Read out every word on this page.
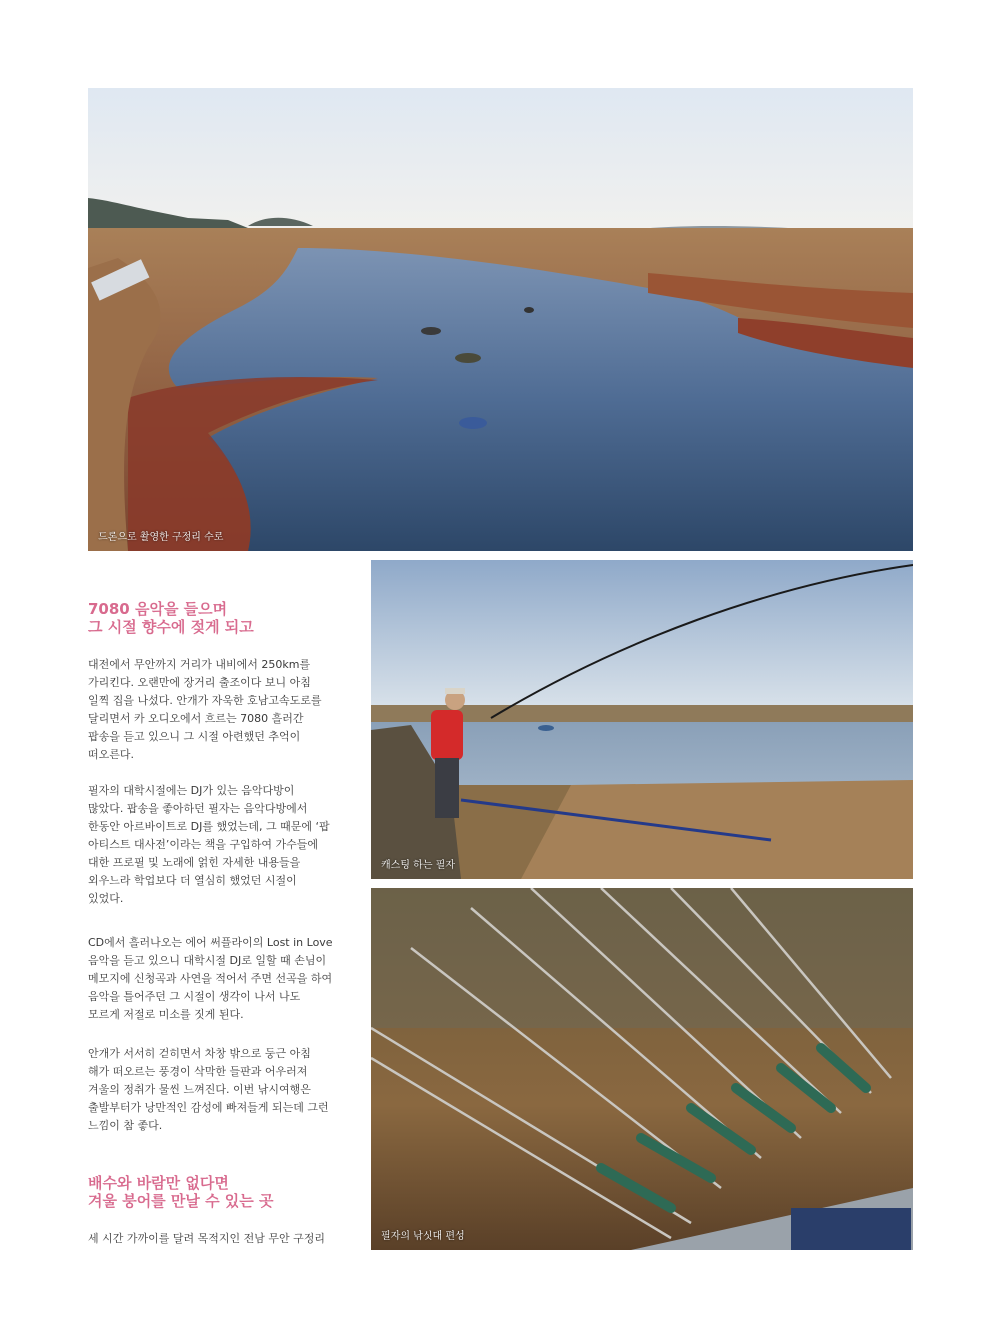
드론으로 촬영한 구정리 수로
캐스팅 하는 필자
필자의 낚싯대 편성
7080 음악을 들으며
그 시절 향수에 젖게 되고

대전에서 무안까지 거리가 내비에서 250km를
가리킨다. 오랜만에 장거리 출조이다 보니 아침
일찍 집을 나섰다. 안개가 자욱한 호남고속도로를
달리면서 카 오디오에서 흐르는 7080 흘러간
팝송을 듣고 있으니 그 시절 아련했던 추억이
떠오른다.

필자의 대학시절에는 DJ가 있는 음악다방이
많았다. 팝송을 좋아하던 필자는 음악다방에서
한동안 아르바이트로 DJ를 했었는데, 그 때문에 ‘팝
아티스트 대사전’이라는 책을 구입하여 가수들에
대한 프로필 및 노래에 얽힌 자세한 내용들을
외우느라 학업보다 더 열심히 했었던 시절이
있었다.

CD에서 흘러나오는 에어 써플라이의 Lost in Love
음악을 듣고 있으니 대학시절 DJ로 일할 때 손님이
메모지에 신청곡과 사연을 적어서 주면 선곡을 하여
음악을 틀어주던 그 시절이 생각이 나서 나도
모르게 저절로 미소를 짓게 된다.

안개가 서서히 걷히면서 차창 밖으로 둥근 아침
해가 떠오르는 풍경이 삭막한 들판과 어우러져
겨울의 정취가 물씬 느껴진다. 이번 낚시여행은
출발부터가 낭만적인 감성에 빠져들게 되는데 그런
느낌이 참 좋다.

배수와 바람만 없다면
겨울 붕어를 만날 수 있는 곳

세 시간 가까이를 달려 목적지인 전남 무안 구정리
